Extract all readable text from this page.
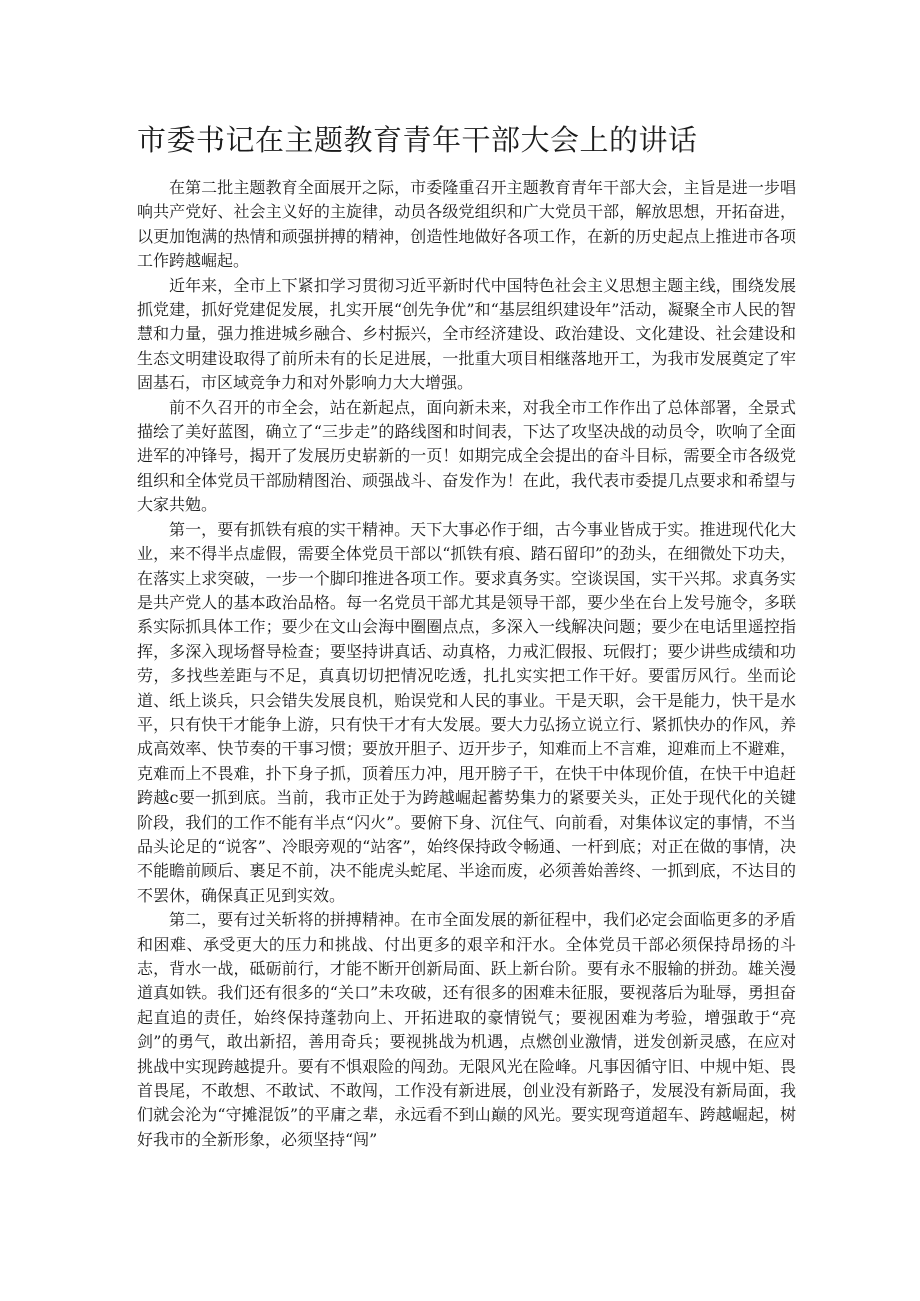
市委书记在主题教育青年干部大会上的讲话

在第二批主题教育全面展开之际，市委隆重召开主题教育青年干部大会，主旨是进一步唱响共产党好、社会主义好的主旋律，动员各级党组织和广大党员干部，解放思想，开拓奋进，以更加饱满的热情和顽强拼搏的精神，创造性地做好各项工作，在新的历史起点上推进市各项工作跨越崛起。

近年来，全市上下紧扣学习贯彻习近平新时代中国特色社会主义思想主题主线，围绕发展抓党建，抓好党建促发展，扎实开展“创先争优”和“基层组织建设年”活动，凝聚全市人民的智慧和力量，强力推进城乡融合、乡村振兴，全市经济建设、政治建设、文化建设、社会建设和生态文明建设取得了前所未有的长足进展，一批重大项目相继落地开工，为我市发展奠定了牢固基石，市区域竞争力和对外影响力大大增强。

前不久召开的市全会，站在新起点，面向新未来，对我全市工作作出了总体部署，全景式描绘了美好蓝图，确立了“三步走”的路线图和时间表，下达了攻坚决战的动员令，吹响了全面进军的冲锋号，揭开了发展历史崭新的一页！如期完成全会提出的奋斗目标，需要全市各级党组织和全体党员干部励精图治、顽强战斗、奋发作为！在此，我代表市委提几点要求和希望与大家共勉。

第一，要有抓铁有痕的实干精神。天下大事必作于细，古今事业皆成于实。推进现代化大业，来不得半点虚假，需要全体党员干部以“抓铁有痕、踏石留印”的劲头，在细微处下功夫，在落实上求突破，一步一个脚印推进各项工作。要求真务实。空谈误国，实干兴邦。求真务实是共产党人的基本政治品格。每一名党员干部尤其是领导干部，要少坐在台上发号施令，多联系实际抓具体工作；要少在文山会海中圈圈点点，多深入一线解决问题；要少在电话里遥控指挥，多深入现场督导检查；要坚持讲真话、动真格，力戒汇假报、玩假打；要少讲些成绩和功劳，多找些差距与不足，真真切切把情况吃透，扎扎实实把工作干好。要雷厉风行。坐而论道、纸上谈兵，只会错失发展良机，贻误党和人民的事业。干是天职，会干是能力，快干是水平，只有快干才能争上游，只有快干才有大发展。要大力弘扬立说立行、紧抓快办的作风，养成高效率、快节奏的干事习惯；要放开胆子、迈开步子，知难而上不言难，迎难而上不避难，克难而上不畏难，扑下身子抓，顶着压力冲，甩开膀子干，在快干中体现价值，在快干中追赶跨越c要一抓到底。当前，我市正处于为跨越崛起蓄势集力的紧要关头，正处于现代化的关键阶段，我们的工作不能有半点“闪火”。要俯下身、沉住气、向前看，对集体议定的事情，不当品头论足的“说客”、冷眼旁观的“站客”，始终保持政令畅通、一杆到底；对正在做的事情，决不能瞻前顾后、裹足不前，决不能虎头蛇尾、半途而废，必须善始善终、一抓到底，不达目的不罢休，确保真正见到实效。

第二，要有过关斩将的拼搏精神。在市全面发展的新征程中，我们必定会面临更多的矛盾和困难、承受更大的压力和挑战、付出更多的艰辛和汗水。全体党员干部必须保持昂扬的斗志，背水一战，砥砺前行，才能不断开创新局面、跃上新台阶。要有永不服输的拼劲。雄关漫道真如铁。我们还有很多的“关口”未攻破，还有很多的困难未征服，要视落后为耻辱，勇担奋起直追的责任，始终保持蓬勃向上、开拓进取的豪情锐气；要视困难为考验，增强敢于“亮剑”的勇气，敢出新招，善用奇兵；要视挑战为机遇，点燃创业激情，迸发创新灵感，在应对挑战中实现跨越提升。要有不惧艰险的闯劲。无限风光在险峰。凡事因循守旧、中规中矩、畏首畏尾，不敢想、不敢试、不敢闯，工作没有新进展，创业没有新路子，发展没有新局面，我们就会沦为“守摊混饭”的平庸之辈，永远看不到山巅的风光。要实现弯道超车、跨越崛起，树好我市的全新形象，必须坚持“闯”
